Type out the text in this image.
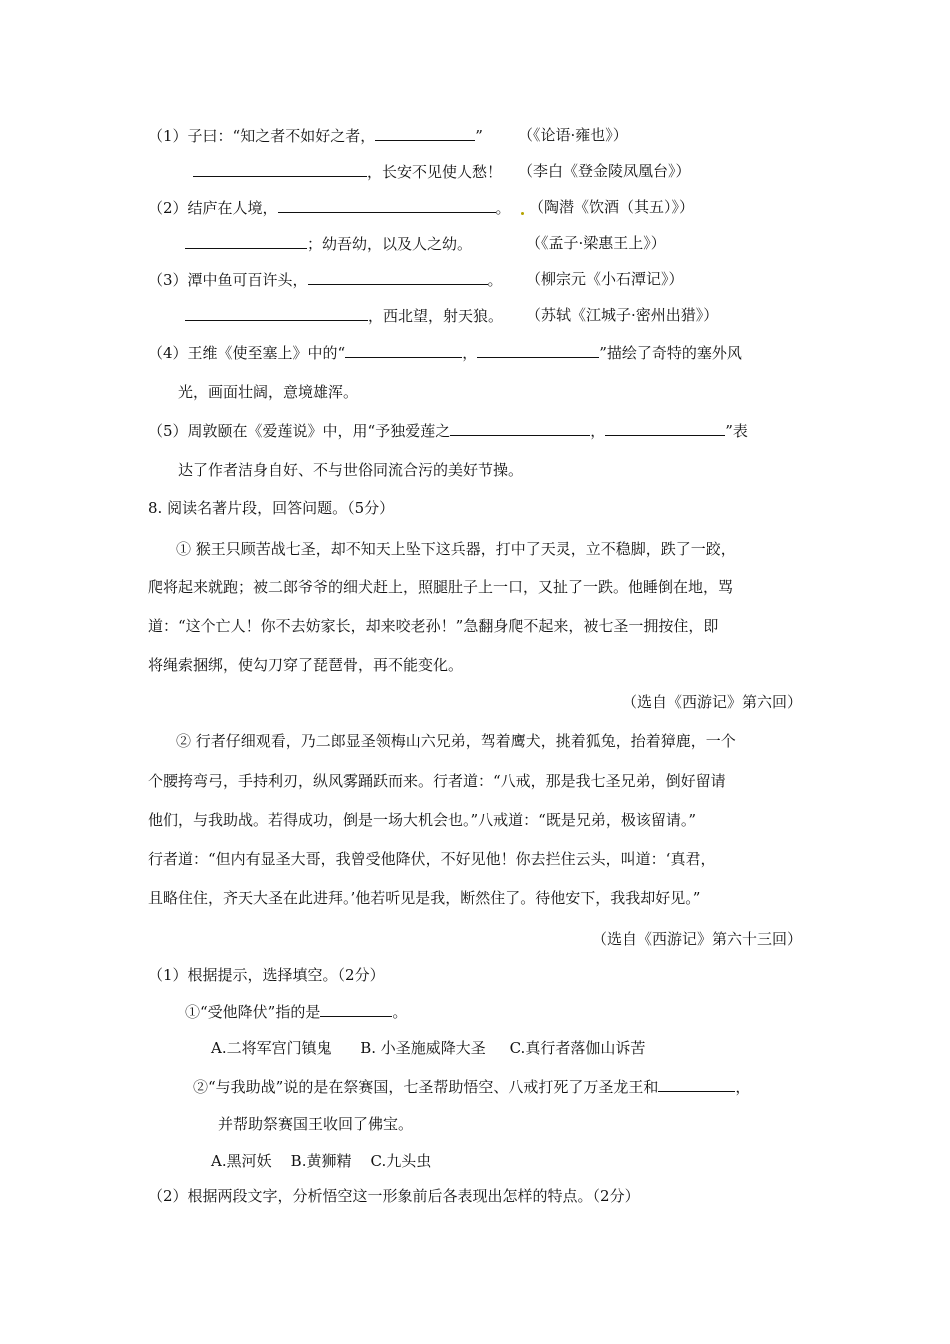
（1）子曰：“知之者不如好之者，	” （《论语·雍也》）
，长安不见使人愁！ （李白《登金陵凤凰台》）
（2）结庐在人境，	。 （陶潜《饮酒（其五）》）
；幼吾幼，以及人之幼。	（《孟子·梁惠王上》）
（3）潭中鱼可百许头，	。 （柳宗元《小石潭记》）
，西北望，射天狼。 （苏轼《江城子·密州出猎》）
（4）王维《使至塞上》中的“	，	”描绘了奇特的塞外风
光，画面壮阔，意境雄浑。
（5）周敦颐在《爱莲说》中，用“予独爱莲之	，	”表
达了作者洁身自好、不与世俗同流合污的美好节操。
8. 阅读名著片段，回答问题。（5分）
① 猴王只顾苦战七圣，却不知天上坠下这兵器，打中了天灵，立不稳脚，跌了一跤，
爬将起来就跑；被二郎爷爷的细犬赶上，照腿肚子上一口，又扯了一跌。他睡倒在地，骂
道：“这个亡人！你不去妨家长，却来咬老孙！”急翻身爬不起来，被七圣一拥按住，即
将绳索捆绑，使勾刀穿了琵琶骨，再不能变化。
（选自《西游记》第六回）
② 行者仔细观看，乃二郎显圣领梅山六兄弟，驾着鹰犬，挑着狐兔，抬着獐鹿，一个
个腰挎弯弓，手持利刃，纵风雾踊跃而来。行者道：“八戒，那是我七圣兄弟，倒好留请
他们，与我助战。若得成功，倒是一场大机会也。”八戒道：“既是兄弟，极该留请。”
行者道：“但内有显圣大哥，我曾受他降伏，不好见他！你去拦住云头，叫道：‘真君，
且略住住，齐天大圣在此进拜。’他若听见是我，断然住了。待他安下，我我却好见。”
（选自《西游记》第六十三回）
（1）根据提示，选择填空。（2分）
①“受他降伏”指的是	。
A.二将军宫门镇鬼      B. 小圣施威降大圣     C.真行者落伽山诉苦
②“与我助战”说的是在祭赛国，七圣帮助悟空、八戒打死了万圣龙王和	，
并帮助祭赛国王收回了佛宝。
A.黑河妖    B.黄狮精    C.九头虫
（2）根据两段文字，分析悟空这一形象前后各表现出怎样的特点。（2分）
